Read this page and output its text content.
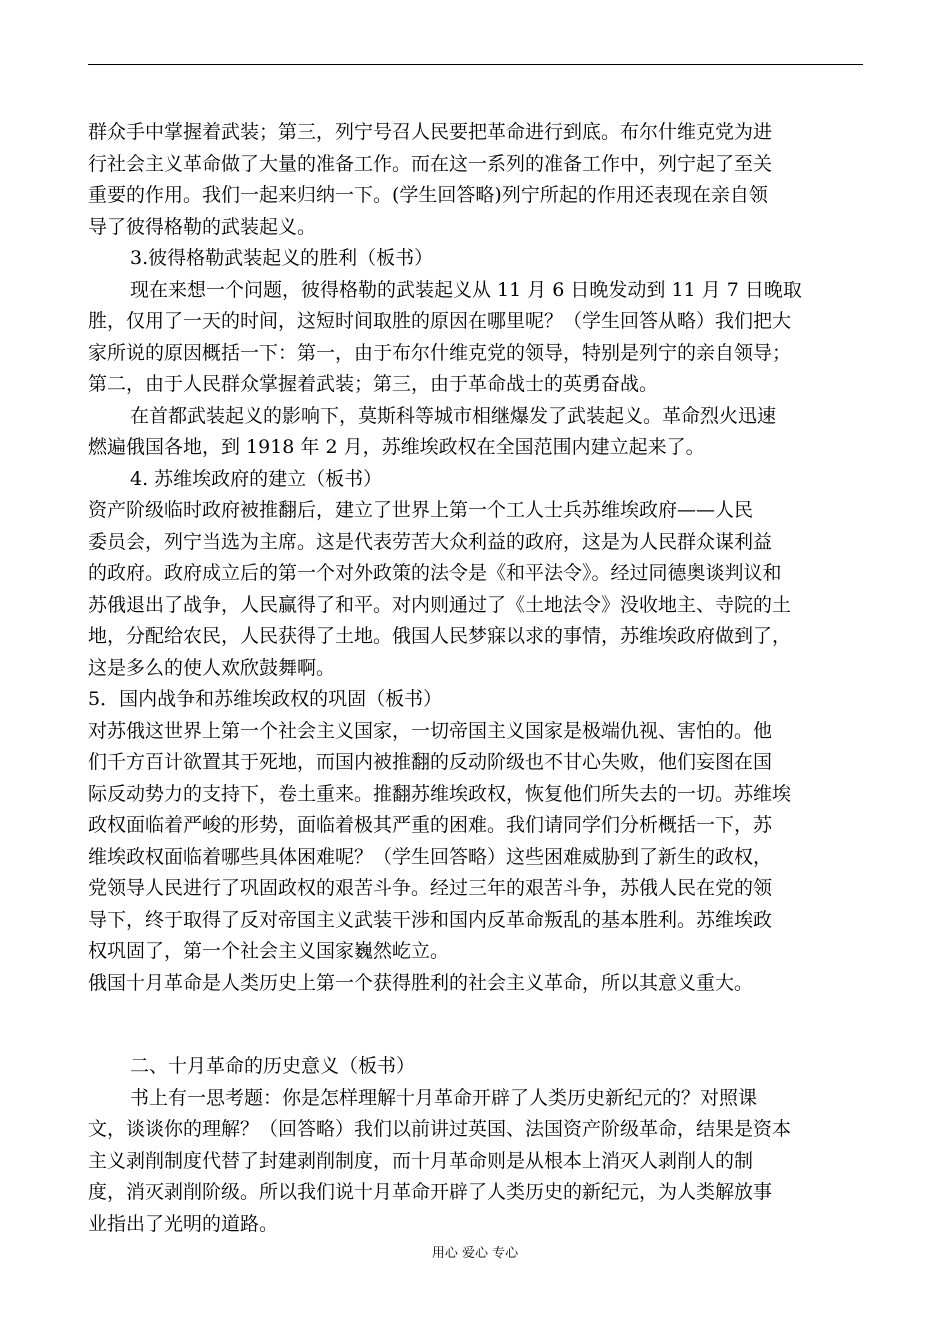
群众手中掌握着武装；第三，列宁号召人民要把革命进行到底。布尔什维克党为进
行社会主义革命做了大量的准备工作。而在这一系列的准备工作中，列宁起了至关
重要的作用。我们一起来归纳一下。(学生回答略)列宁所起的作用还表现在亲自领
导了彼得格勒的武装起义。
3.彼得格勒武装起义的胜利（板书）
现在来想一个问题，彼得格勒的武装起义从 11 月 6 日晚发动到 11 月 7 日晚取
胜，仅用了一天的时间，这短时间取胜的原因在哪里呢？（学生回答从略）我们把大
家所说的原因概括一下：第一，由于布尔什维克党的领导，特别是列宁的亲自领导；
第二，由于人民群众掌握着武装；第三，由于革命战士的英勇奋战。
在首都武装起义的影响下，莫斯科等城市相继爆发了武装起义。革命烈火迅速
燃遍俄国各地，到 1918 年 2 月，苏维埃政权在全国范围内建立起来了。
4. 苏维埃政府的建立（板书）
资产阶级临时政府被推翻后，建立了世界上第一个工人士兵苏维埃政府——人民
委员会，列宁当选为主席。这是代表劳苦大众利益的政府，这是为人民群众谋利益
的政府。政府成立后的第一个对外政策的法令是《和平法令》。经过同德奥谈判议和
苏俄退出了战争，人民赢得了和平。对内则通过了《土地法令》没收地主、寺院的土
地，分配给农民，人民获得了土地。俄国人民梦寐以求的事情，苏维埃政府做到了，
这是多么的使人欢欣鼓舞啊。
5．国内战争和苏维埃政权的巩固（板书）
对苏俄这世界上第一个社会主义国家，一切帝国主义国家是极端仇视、害怕的。他
们千方百计欲置其于死地，而国内被推翻的反动阶级也不甘心失败，他们妄图在国
际反动势力的支持下，卷土重来。推翻苏维埃政权，恢复他们所失去的一切。苏维埃
政权面临着严峻的形势，面临着极其严重的困难。我们请同学们分析概括一下，苏
维埃政权面临着哪些具体困难呢？（学生回答略）这些困难威胁到了新生的政权，
党领导人民进行了巩固政权的艰苦斗争。经过三年的艰苦斗争，苏俄人民在党的领
导下，终于取得了反对帝国主义武装干涉和国内反革命叛乱的基本胜利。苏维埃政
权巩固了，第一个社会主义国家巍然屹立。
俄国十月革命是人类历史上第一个获得胜利的社会主义革命，所以其意义重大。
二、十月革命的历史意义（板书）
书上有一思考题：你是怎样理解十月革命开辟了人类历史新纪元的？对照课
文，谈谈你的理解？（回答略）我们以前讲过英国、法国资产阶级革命，结果是资本
主义剥削制度代替了封建剥削制度，而十月革命则是从根本上消灭人剥削人的制
度，消灭剥削阶级。所以我们说十月革命开辟了人类历史的新纪元，为人类解放事
业指出了光明的道路。
用心 爱心 专心
